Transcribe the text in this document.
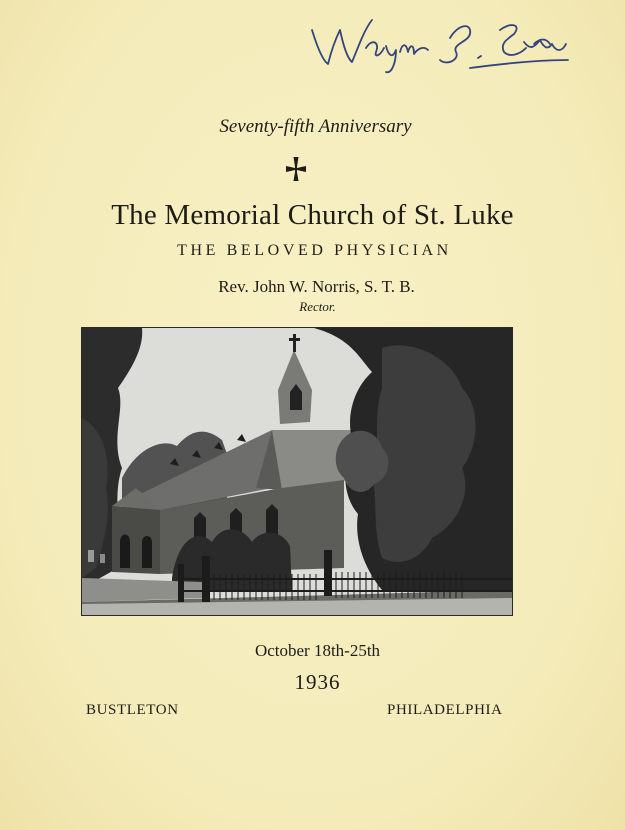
Seventy-fifth Anniversary
The Memorial Church of St. Luke
THE BELOVED PHYSICIAN
Rev. John W. Norris, S. T. B.
Rector.
October 18th-25th
1936
BUSTLETON	PHILADELPHIA
